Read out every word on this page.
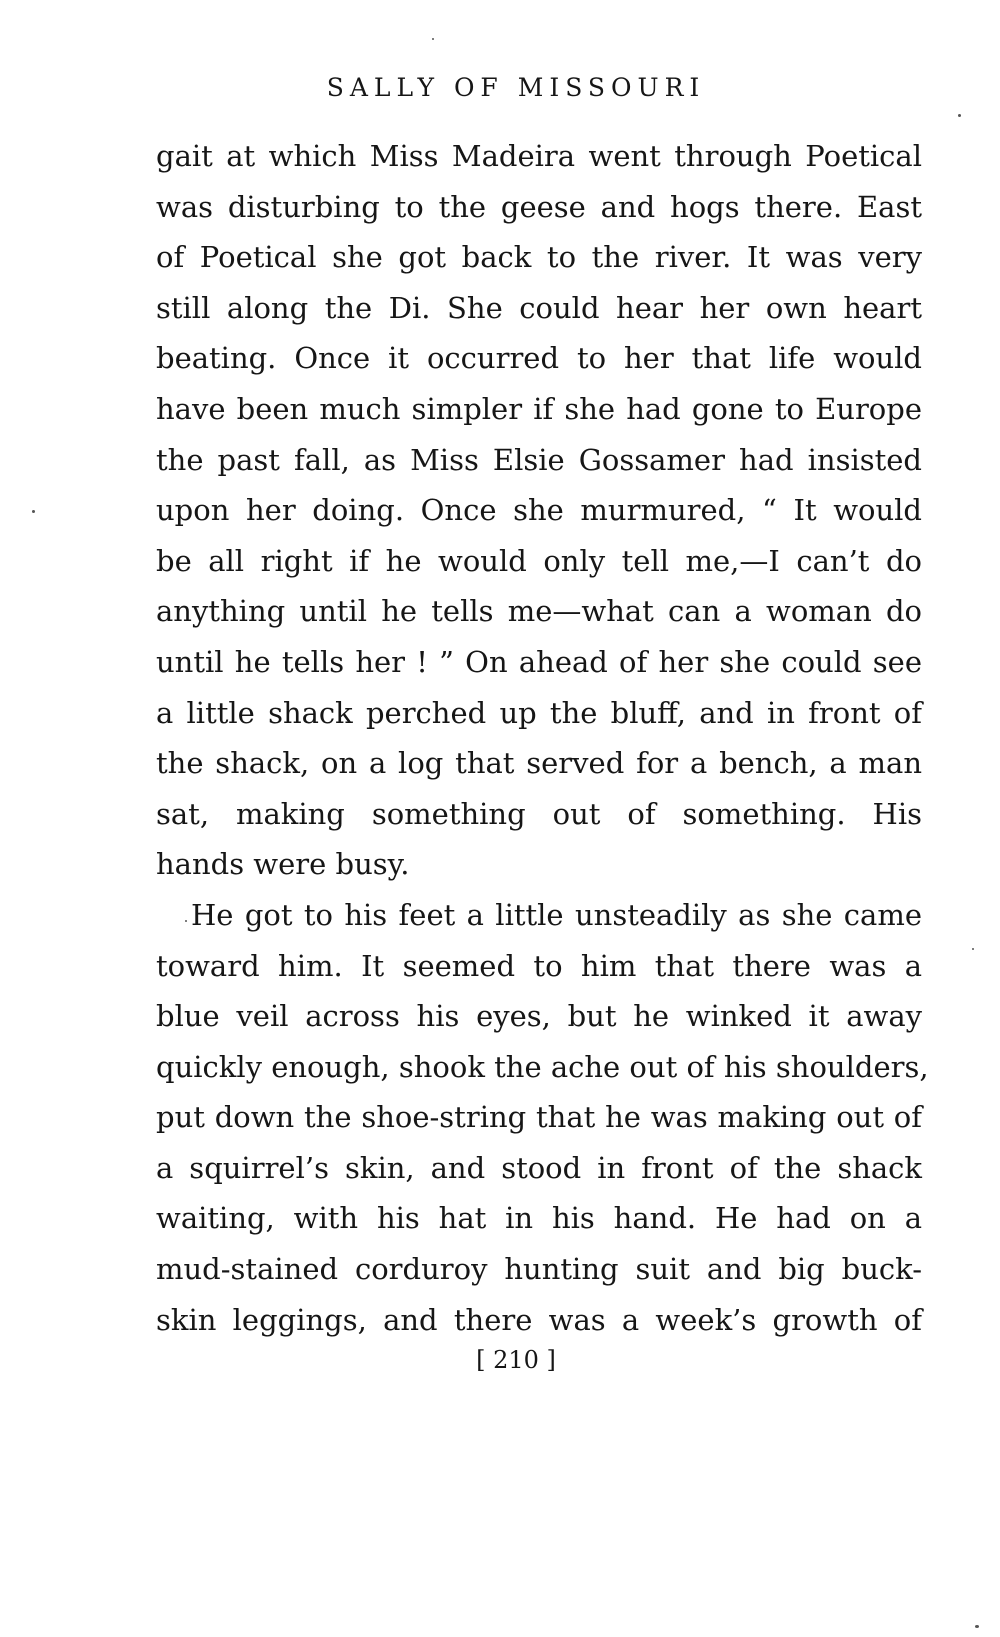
SALLY OF MISSOURI

gait at which Miss Madeira went through Poetical
was disturbing to the geese and hogs there. East
of Poetical she got back to the river. It was very
still along the Di. She could hear her own heart
beating. Once it occurred to her that life would
have been much simpler if she had gone to Europe
the past fall, as Miss Elsie Gossamer had insisted
upon her doing. Once she murmured, “ It would
be all right if he would only tell me,—I can’t do
anything until he tells me—what can a woman do
until he tells her ! ” On ahead of her she could see
a little shack perched up the bluff, and in front of
the shack, on a log that served for a bench, a man
sat, making something out of something. His
hands were busy.

He got to his feet a little unsteadily as she came
toward him. It seemed to him that there was a
blue veil across his eyes, but he winked it away
quickly enough, shook the ache out of his shoulders,
put down the shoe-string that he was making out of
a squirrel’s skin, and stood in front of the shack
waiting, with his hat in his hand. He had on a
mud-stained corduroy hunting suit and big buck-
skin leggings, and there was a week’s growth of

[ 210 ]
